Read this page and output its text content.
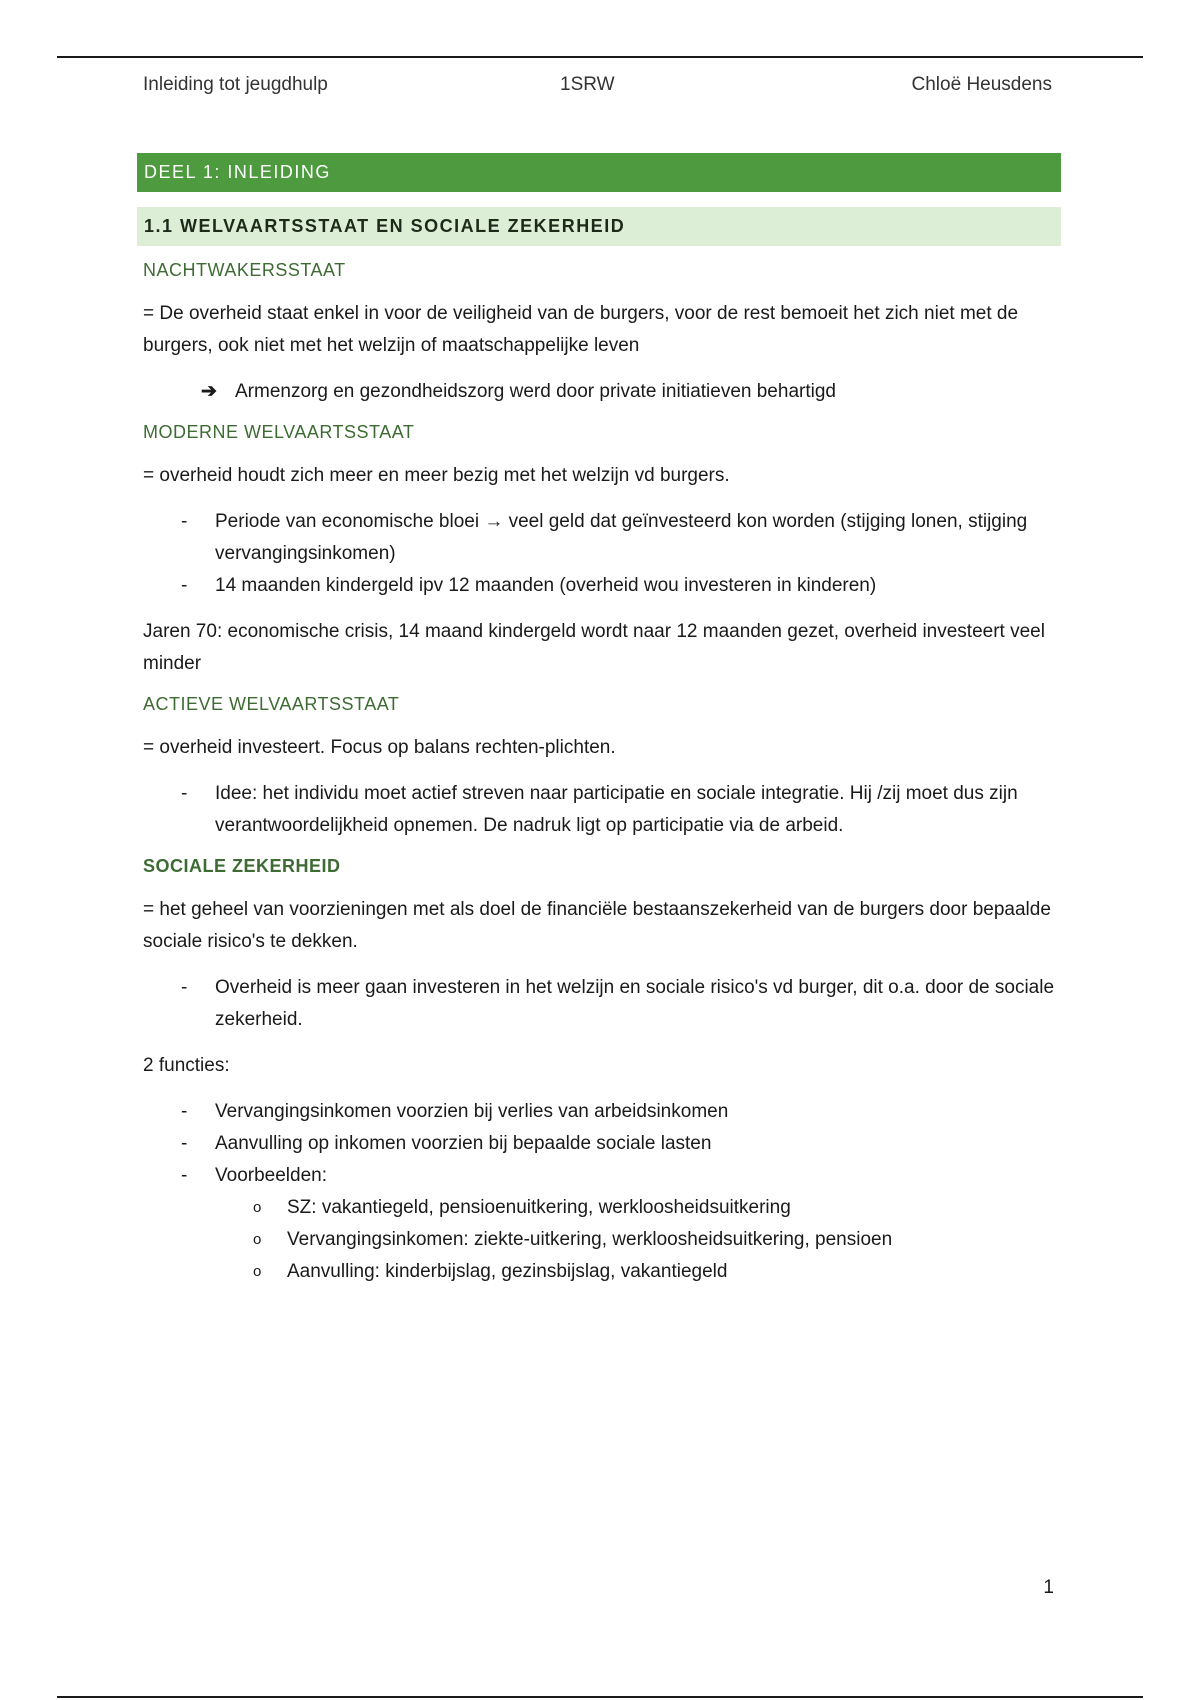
Inleiding tot jeugdhulp	1SRW	Chloë Heusdens
DEEL 1: INLEIDING
1.1 WELVAARTSSTAAT EN SOCIALE ZEKERHEID
NACHTWAKERSSTAAT

= De overheid staat enkel in voor de veiligheid van de burgers, voor de rest bemoeit het zich niet met de burgers, ook niet met het welzijn of maatschappelijke leven

➔ Armenzorg en gezondheidszorg werd door private initiatieven behartigd
MODERNE WELVAARTSSTAAT

= overheid houdt zich meer en meer bezig met het welzijn vd burgers.

- Periode van economische bloei → veel geld dat geïnvesteerd kon worden (stijging lonen, stijging vervangingsinkomen)
- 14 maanden kindergeld ipv 12 maanden (overheid wou investeren in kinderen)

Jaren 70: economische crisis, 14 maand kindergeld wordt naar 12 maanden gezet, overheid investeert veel minder

ACTIEVE WELVAARTSSTAAT

= overheid investeert. Focus op balans rechten-plichten.

- Idee: het individu moet actief streven naar participatie en sociale integratie. Hij /zij moet dus zijn verantwoordelijkheid opnemen. De nadruk ligt op participatie via de arbeid.
SOCIALE ZEKERHEID

= het geheel van voorzieningen met als doel de financiële bestaanszekerheid van de burgers door bepaalde sociale risico's te dekken.

- Overheid is meer gaan investeren in het welzijn en sociale risico's vd burger, dit o.a. door de sociale zekerheid.

2 functies:

- Vervangingsinkomen voorzien bij verlies van arbeidsinkomen
- Aanvulling op inkomen voorzien bij bepaalde sociale lasten
- Voorbeelden:
o SZ: vakantiegeld, pensioenuitkering, werkloosheidsuitkering
o Vervangingsinkomen: ziekte-uitkering, werkloosheidsuitkering, pensioen
o Aanvulling: kinderbijslag, gezinsbijslag, vakantiegeld
1
